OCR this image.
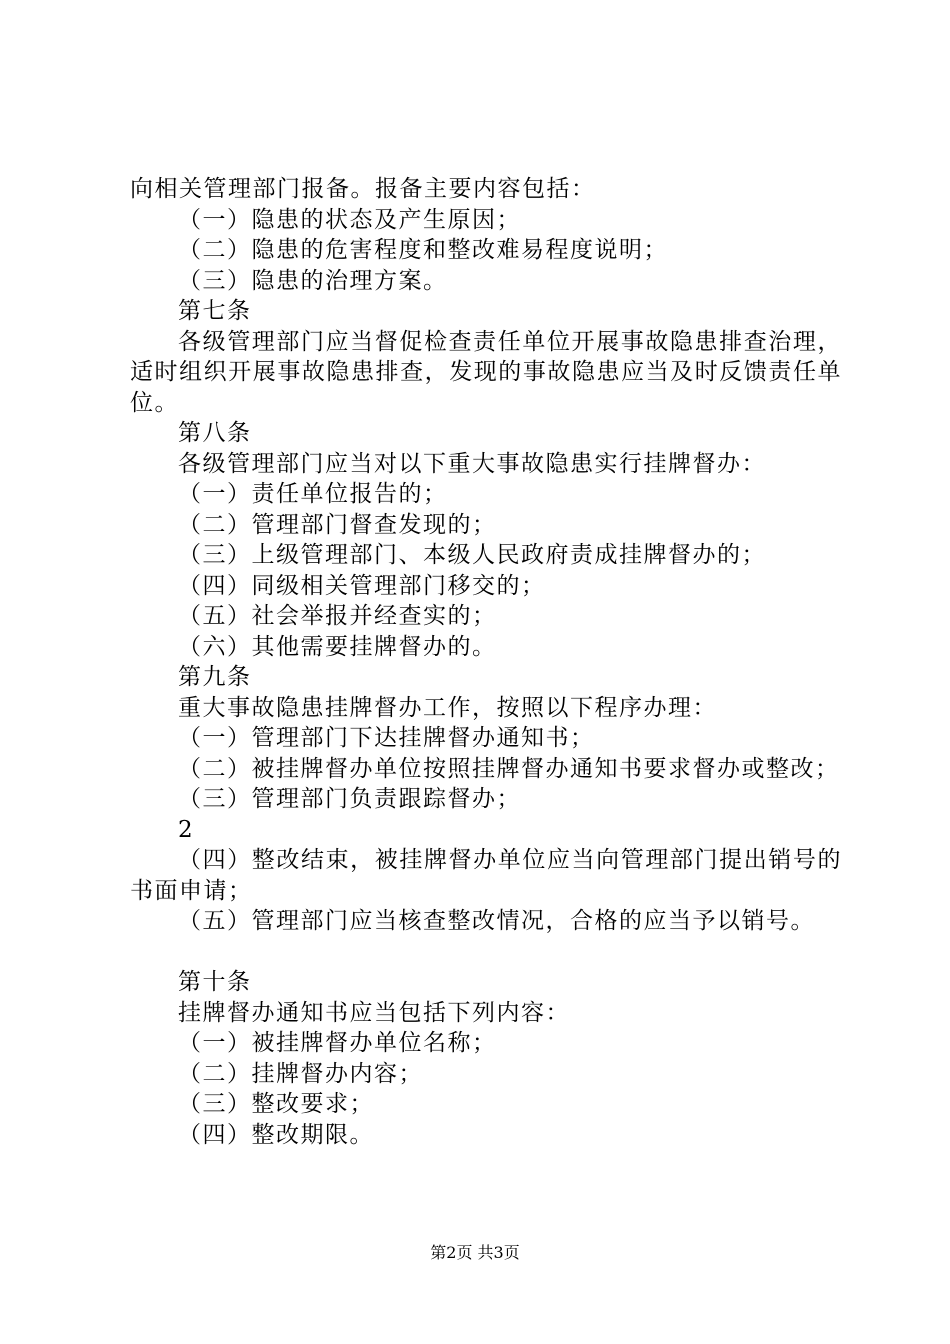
向相关管理部门报备。报备主要内容包括：
（一）隐患的状态及产生原因；
（二）隐患的危害程度和整改难易程度说明；
（三）隐患的治理方案。
第七条

各级管理部门应当督促检查责任单位开展事故隐患排查治理，适时组织开展事故隐患排查，发现的事故隐患应当及时反馈责任单位。

第八条
各级管理部门应当对以下重大事故隐患实行挂牌督办：
（一）责任单位报告的；
（二）管理部门督查发现的；
（三）上级管理部门、本级人民政府责成挂牌督办的；
（四）同级相关管理部门移交的；
（五）社会举报并经查实的；
（六）其他需要挂牌督办的。
第九条
重大事故隐患挂牌督办工作，按照以下程序办理：
（一）管理部门下达挂牌督办通知书；

（二）被挂牌督办单位按照挂牌督办通知书要求督办或整改；

（三）管理部门负责跟踪督办；
2

（四）整改结束，被挂牌督办单位应当向管理部门提出销号的书面申请；

（五）管理部门应当核查整改情况，合格的应当予以销号。
第十条
挂牌督办通知书应当包括下列内容：
（一）被挂牌督办单位名称；
（二）挂牌督办内容；
（三）整改要求；
（四）整改期限。
第2页 共3页
